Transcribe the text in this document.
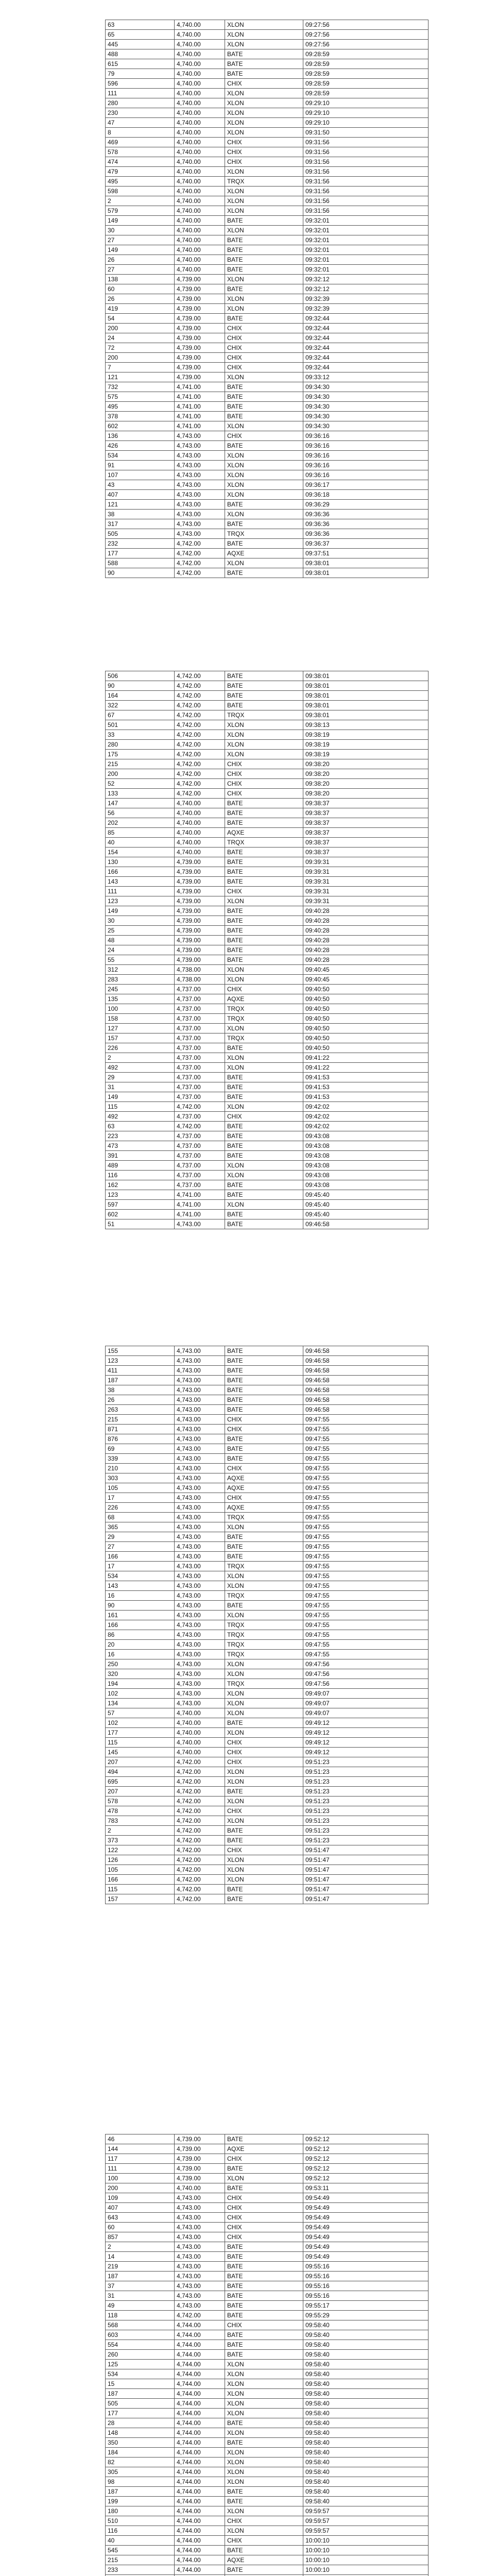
63	4,740.00	XLON	09:27:56
65	4,740.00	XLON	09:27:56
445	4,740.00	XLON	09:27:56
488	4,740.00	BATE	09:28:59
615	4,740.00	BATE	09:28:59
79	4,740.00	BATE	09:28:59
596	4,740.00	CHIX	09:28:59
111	4,740.00	XLON	09:28:59
280	4,740.00	XLON	09:29:10
230	4,740.00	XLON	09:29:10
47	4,740.00	XLON	09:29:10
8	4,740.00	XLON	09:31:50
469	4,740.00	CHIX	09:31:56
578	4,740.00	CHIX	09:31:56
474	4,740.00	CHIX	09:31:56
479	4,740.00	XLON	09:31:56
495	4,740.00	TRQX	09:31:56
598	4,740.00	XLON	09:31:56
2	4,740.00	XLON	09:31:56
579	4,740.00	XLON	09:31:56
149	4,740.00	BATE	09:32:01
30	4,740.00	XLON	09:32:01
27	4,740.00	BATE	09:32:01
149	4,740.00	BATE	09:32:01
26	4,740.00	BATE	09:32:01
27	4,740.00	BATE	09:32:01
138	4,739.00	XLON	09:32:12
60	4,739.00	BATE	09:32:12
26	4,739.00	XLON	09:32:39
419	4,739.00	XLON	09:32:39
54	4,739.00	BATE	09:32:44
200	4,739.00	CHIX	09:32:44
24	4,739.00	CHIX	09:32:44
72	4,739.00	CHIX	09:32:44
200	4,739.00	CHIX	09:32:44
7	4,739.00	CHIX	09:32:44
121	4,739.00	XLON	09:33:12
732	4,741.00	BATE	09:34:30
575	4,741.00	BATE	09:34:30
495	4,741.00	BATE	09:34:30
378	4,741.00	BATE	09:34:30
602	4,741.00	XLON	09:34:30
136	4,743.00	CHIX	09:36:16
426	4,743.00	BATE	09:36:16
534	4,743.00	XLON	09:36:16
91	4,743.00	XLON	09:36:16
107	4,743.00	XLON	09:36:16
43	4,743.00	XLON	09:36:17
407	4,743.00	XLON	09:36:18
121	4,743.00	BATE	09:36:29
38	4,743.00	XLON	09:36:36
317	4,743.00	BATE	09:36:36
505	4,743.00	TRQX	09:36:36
232	4,742.00	BATE	09:36:37
177	4,742.00	AQXE	09:37:51
588	4,742.00	XLON	09:38:01
90	4,742.00	BATE	09:38:01
506	4,742.00	BATE	09:38:01
90	4,742.00	BATE	09:38:01
164	4,742.00	BATE	09:38:01
322	4,742.00	BATE	09:38:01
67	4,742.00	TRQX	09:38:01
501	4,742.00	XLON	09:38:13
33	4,742.00	XLON	09:38:19
280	4,742.00	XLON	09:38:19
175	4,742.00	XLON	09:38:19
215	4,742.00	CHIX	09:38:20
200	4,742.00	CHIX	09:38:20
52	4,742.00	CHIX	09:38:20
133	4,742.00	CHIX	09:38:20
147	4,740.00	BATE	09:38:37
56	4,740.00	BATE	09:38:37
202	4,740.00	BATE	09:38:37
85	4,740.00	AQXE	09:38:37
40	4,740.00	TRQX	09:38:37
154	4,740.00	BATE	09:38:37
130	4,739.00	BATE	09:39:31
166	4,739.00	BATE	09:39:31
143	4,739.00	BATE	09:39:31
111	4,739.00	CHIX	09:39:31
123	4,739.00	XLON	09:39:31
149	4,739.00	BATE	09:40:28
30	4,739.00	BATE	09:40:28
25	4,739.00	BATE	09:40:28
48	4,739.00	BATE	09:40:28
24	4,739.00	BATE	09:40:28
55	4,739.00	BATE	09:40:28
312	4,738.00	XLON	09:40:45
283	4,738.00	XLON	09:40:45
245	4,737.00	CHIX	09:40:50
135	4,737.00	AQXE	09:40:50
100	4,737.00	TRQX	09:40:50
158	4,737.00	TRQX	09:40:50
127	4,737.00	XLON	09:40:50
157	4,737.00	TRQX	09:40:50
226	4,737.00	BATE	09:40:50
2	4,737.00	XLON	09:41:22
492	4,737.00	XLON	09:41:22
29	4,737.00	BATE	09:41:53
31	4,737.00	BATE	09:41:53
149	4,737.00	BATE	09:41:53
115	4,742.00	XLON	09:42:02
492	4,737.00	CHIX	09:42:02
63	4,742.00	BATE	09:42:02
223	4,737.00	BATE	09:43:08
473	4,737.00	BATE	09:43:08
391	4,737.00	BATE	09:43:08
489	4,737.00	XLON	09:43:08
116	4,737.00	XLON	09:43:08
162	4,737.00	BATE	09:43:08
123	4,741.00	BATE	09:45:40
597	4,741.00	XLON	09:45:40
602	4,741.00	BATE	09:45:40
51	4,743.00	BATE	09:46:58
155	4,743.00	BATE	09:46:58
123	4,743.00	BATE	09:46:58
411	4,743.00	BATE	09:46:58
187	4,743.00	BATE	09:46:58
38	4,743.00	BATE	09:46:58
26	4,743.00	BATE	09:46:58
263	4,743.00	BATE	09:46:58
215	4,743.00	CHIX	09:47:55
871	4,743.00	CHIX	09:47:55
876	4,743.00	BATE	09:47:55
69	4,743.00	BATE	09:47:55
339	4,743.00	BATE	09:47:55
210	4,743.00	CHIX	09:47:55
303	4,743.00	AQXE	09:47:55
105	4,743.00	AQXE	09:47:55
17	4,743.00	CHIX	09:47:55
226	4,743.00	AQXE	09:47:55
68	4,743.00	TRQX	09:47:55
365	4,743.00	XLON	09:47:55
29	4,743.00	BATE	09:47:55
27	4,743.00	BATE	09:47:55
166	4,743.00	BATE	09:47:55
17	4,743.00	TRQX	09:47:55
534	4,743.00	XLON	09:47:55
143	4,743.00	XLON	09:47:55
16	4,743.00	TRQX	09:47:55
90	4,743.00	BATE	09:47:55
161	4,743.00	XLON	09:47:55
166	4,743.00	TRQX	09:47:55
86	4,743.00	TRQX	09:47:55
20	4,743.00	TRQX	09:47:55
16	4,743.00	TRQX	09:47:55
250	4,743.00	XLON	09:47:56
320	4,743.00	XLON	09:47:56
194	4,743.00	TRQX	09:47:56
102	4,743.00	XLON	09:49:07
134	4,743.00	XLON	09:49:07
57	4,740.00	XLON	09:49:07
102	4,740.00	BATE	09:49:12
177	4,740.00	XLON	09:49:12
115	4,740.00	CHIX	09:49:12
145	4,740.00	CHIX	09:49:12
207	4,742.00	CHIX	09:51:23
494	4,742.00	XLON	09:51:23
695	4,742.00	XLON	09:51:23
207	4,742.00	BATE	09:51:23
578	4,742.00	XLON	09:51:23
478	4,742.00	CHIX	09:51:23
783	4,742.00	XLON	09:51:23
2	4,742.00	BATE	09:51:23
373	4,742.00	BATE	09:51:23
122	4,742.00	CHIX	09:51:47
126	4,742.00	XLON	09:51:47
105	4,742.00	XLON	09:51:47
166	4,742.00	XLON	09:51:47
115	4,742.00	BATE	09:51:47
157	4,742.00	BATE	09:51:47
46	4,739.00	BATE	09:52:12
144	4,739.00	AQXE	09:52:12
117	4,739.00	CHIX	09:52:12
111	4,739.00	BATE	09:52:12
100	4,739.00	XLON	09:52:12
200	4,740.00	BATE	09:53:11
109	4,743.00	CHIX	09:54:49
407	4,743.00	CHIX	09:54:49
643	4,743.00	CHIX	09:54:49
60	4,743.00	CHIX	09:54:49
857	4,743.00	CHIX	09:54:49
2	4,743.00	BATE	09:54:49
14	4,743.00	BATE	09:54:49
219	4,743.00	BATE	09:55:16
187	4,743.00	BATE	09:55:16
37	4,743.00	BATE	09:55:16
31	4,743.00	BATE	09:55:16
49	4,743.00	BATE	09:55:17
118	4,742.00	BATE	09:55:29
568	4,744.00	CHIX	09:58:40
603	4,744.00	BATE	09:58:40
554	4,744.00	BATE	09:58:40
260	4,744.00	BATE	09:58:40
125	4,744.00	XLON	09:58:40
534	4,744.00	XLON	09:58:40
15	4,744.00	XLON	09:58:40
187	4,744.00	XLON	09:58:40
505	4,744.00	XLON	09:58:40
177	4,744.00	XLON	09:58:40
28	4,744.00	BATE	09:58:40
148	4,744.00	XLON	09:58:40
350	4,744.00	BATE	09:58:40
184	4,744.00	XLON	09:58:40
82	4,744.00	XLON	09:58:40
305	4,744.00	XLON	09:58:40
98	4,744.00	XLON	09:58:40
187	4,744.00	BATE	09:58:40
199	4,744.00	BATE	09:58:40
180	4,744.00	XLON	09:59:57
510	4,744.00	CHIX	09:59:57
116	4,744.00	XLON	09:59:57
40	4,744.00	CHIX	10:00:10
545	4,744.00	BATE	10:00:10
215	4,744.00	AQXE	10:00:10
233	4,744.00	BATE	10:00:10
